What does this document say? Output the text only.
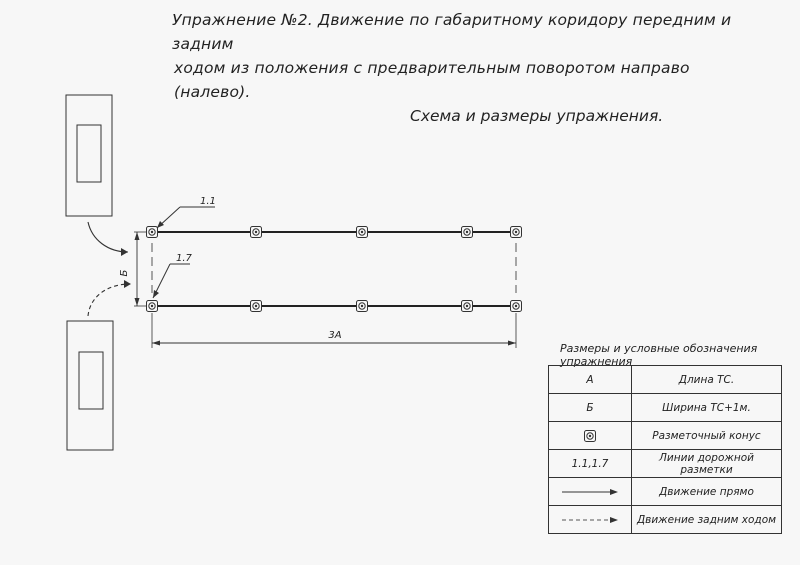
Упражнение №2. Движение по габаритному коридору передним и задним
ходом из положения с предварительным поворотом направо (налево).
Схема и размеры упражнения.
1.1
1.7
Б
3А
Размеры и условные обозначения упражнения
А	Длина ТС.
Б	Ширина ТС+1м.
	Разметочный конус
1.1,1.7	Линии дорожной разметки
	Движение прямо
	Движение задним ходом
